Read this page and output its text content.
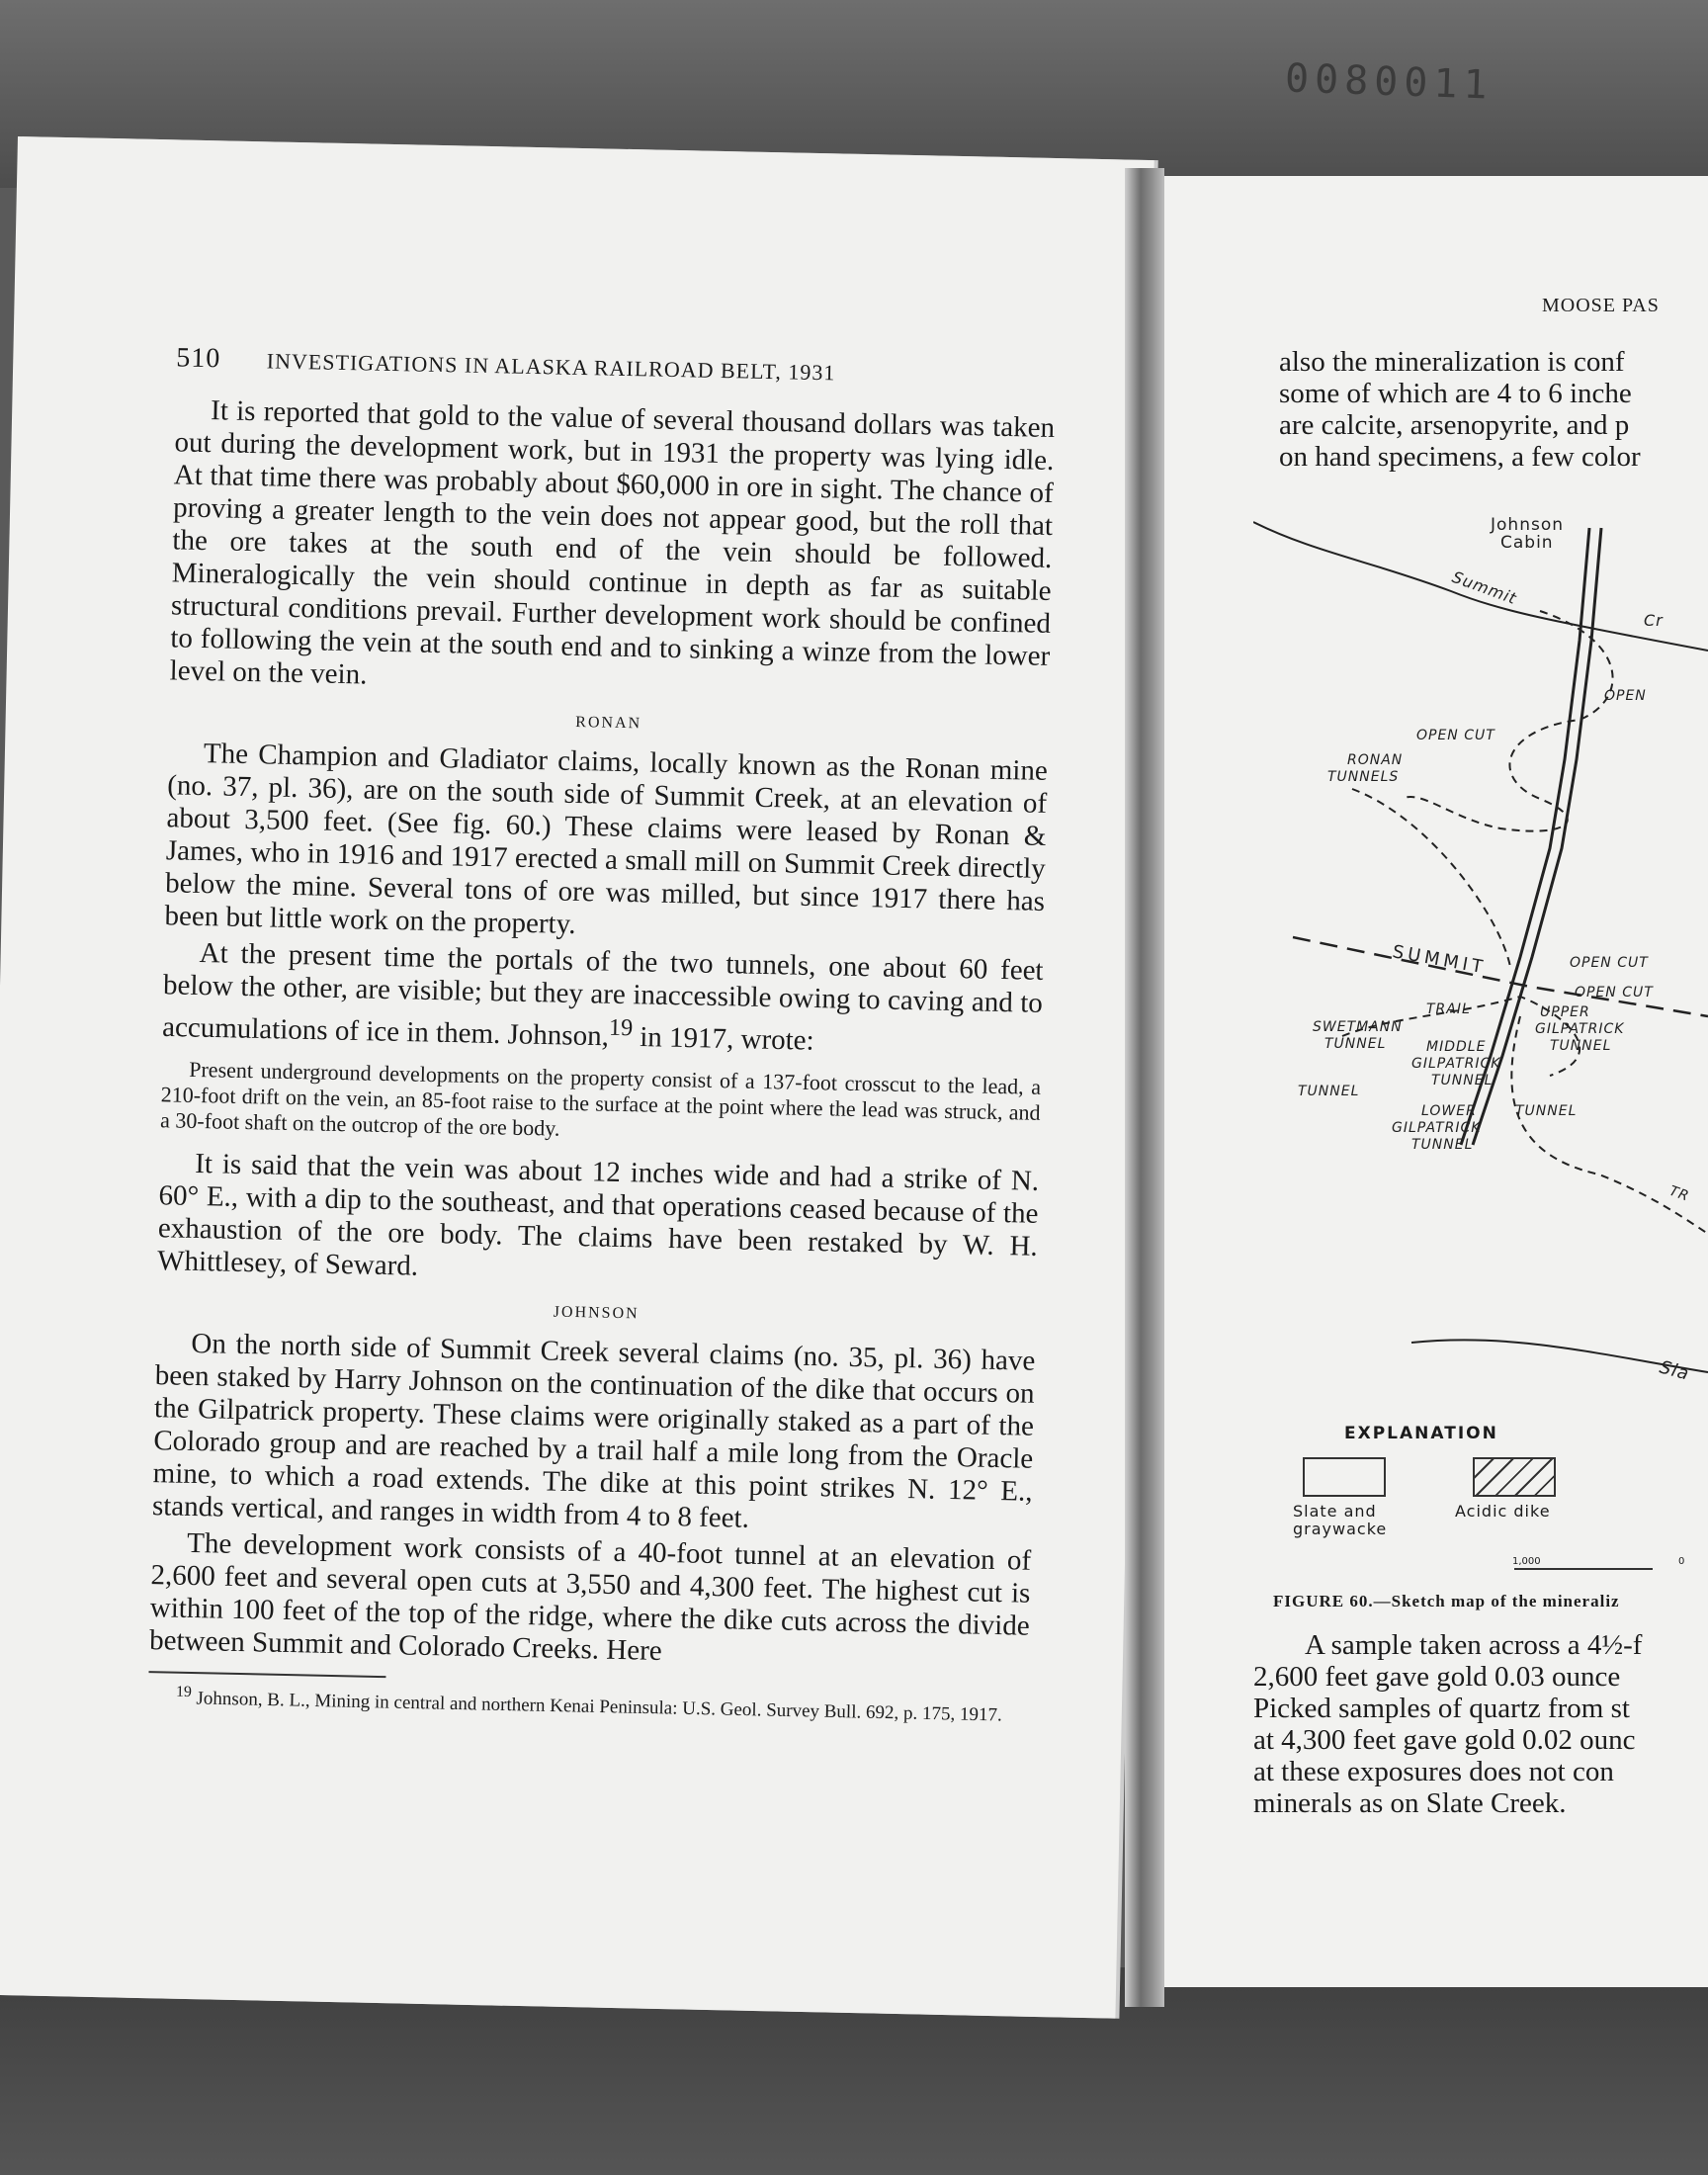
0080011
510 INVESTIGATIONS IN ALASKA RAILROAD BELT, 1931

It is reported that gold to the value of several thousand dollars was taken out during the development work, but in 1931 the property was lying idle. At that time there was probably about $60,000 in ore in sight. The chance of proving a greater length to the vein does not appear good, but the roll that the ore takes at the south end of the vein should be followed. Mineralogically the vein should continue in depth as far as suitable structural conditions prevail. Further development work should be confined to following the vein at the south end and to sinking a winze from the lower level on the vein.

RONAN

The Champion and Gladiator claims, locally known as the Ronan mine (no. 37, pl. 36), are on the south side of Summit Creek, at an elevation of about 3,500 feet. (See fig. 60.) These claims were leased by Ronan & James, who in 1916 and 1917 erected a small mill on Summit Creek directly below the mine. Several tons of ore was milled, but since 1917 there has been but little work on the property.

At the present time the portals of the two tunnels, one about 60 feet below the other, are visible; but they are inaccessible owing to caving and to accumulations of ice in them. Johnson,$^{19}$ in 1917, wrote:

Present underground developments on the property consist of a 137-foot crosscut to the lead, a 210-foot drift on the vein, an 85-foot raise to the surface at the point where the lead was struck, and a 30-foot shaft on the outcrop of the ore body.

It is said that the vein was about 12 inches wide and had a strike of N. 60° E., with a dip to the southeast, and that operations ceased because of the exhaustion of the ore body. The claims have been restaked by W. H. Whittlesey, of Seward.

JOHNSON

On the north side of Summit Creek several claims (no. 35, pl. 36) have been staked by Harry Johnson on the continuation of the dike that occurs on the Gilpatrick property. These claims were originally staked as a part of the Colorado group and are reached by a trail half a mile long from the Oracle mine, to which a road extends. The dike at this point strikes N. 12° E., stands vertical, and ranges in width from 4 to 8 feet.

The development work consists of a 40-foot tunnel at an elevation of 2,600 feet and several open cuts at 3,550 and 4,300 feet. The highest cut is within 100 feet of the top of the ridge, where the dike cuts across the divide between Summit and Colorado Creeks. Here

$^{19}$ Johnson, B. L., Mining in central and northern Kenai Peninsula: U.S. Geol. Survey Bull. 692, p. 175, 1917.

MOOSE PAS
also the mineralization is conf
some of which are 4 to 6 inche
are calcite, arsenopyrite, and p
on hand specimens, a few color
Johnson
Cabin
Summit
Cr
OPEN
OPEN CUT
RONAN
TUNNELS
SUMMIT	OPEN CUT
OPEN CUT
TRAIL
SWETMANN
TUNNEL
UPPER
GILPATRICK
TUNNEL
MIDDLE
GILPATRICK
TUNNEL
TUNNEL
LOWER
GILPATRICK
TUNNEL
TUNNEL
TR
Sla
EXPLANATION
Slate and
graywacke
Acidic dike
1,000	0
FIGURE 60.—Sketch map of the mineraliz
A sample taken across a 4½-f
2,600 feet gave gold 0.03 ounce
Picked samples of quartz from st
at 4,300 feet gave gold 0.02 ounc
at these exposures does not con
minerals as on Slate Creek.
